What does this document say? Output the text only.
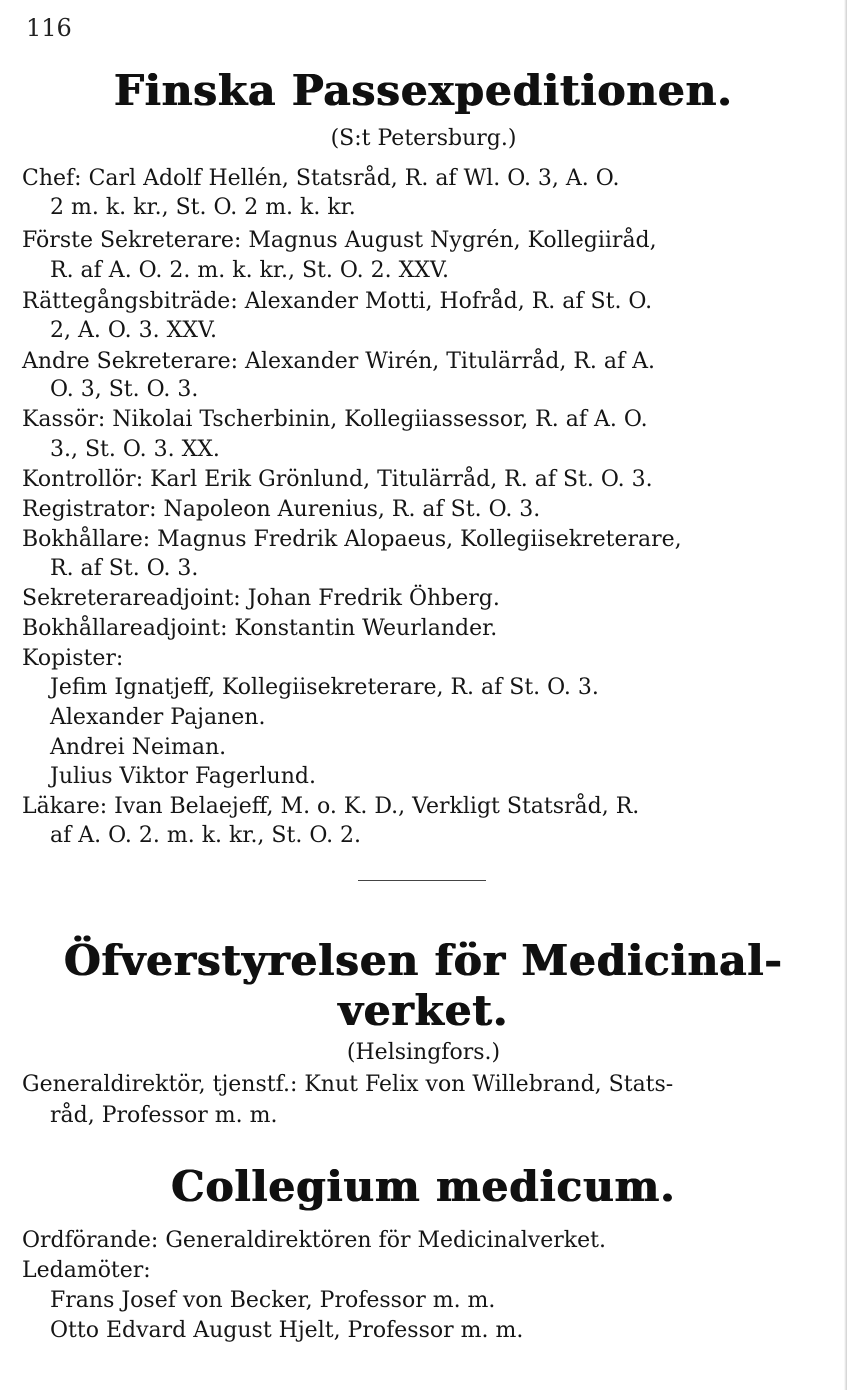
116
Finska Passexpeditionen.
(S:t Petersburg.)
Chef: Carl Adolf Hellén, Statsråd, R. af Wl. O. 3, A. O.
2 m. k. kr., St. O. 2 m. k. kr.
Förste Sekreterare: Magnus August Nygrén, Kollegiiråd,
R. af A. O. 2. m. k. kr., St. O. 2. XXV.
Rättegångsbiträde: Alexander Motti, Hofråd, R. af St. O.
2, A. O. 3. XXV.
Andre Sekreterare: Alexander Wirén, Titulärråd, R. af A.
O. 3, St. O. 3.
Kassör: Nikolai Tscherbinin, Kollegiiassessor, R. af A. O.
3., St. O. 3. XX.
Kontrollör: Karl Erik Grönlund, Titulärråd, R. af St. O. 3.
Registrator: Napoleon Aurenius, R. af St. O. 3.
Bokhållare: Magnus Fredrik Alopaeus, Kollegiisekreterare,
R. af St. O. 3.
Sekreterareadjoint: Johan Fredrik Öhberg.
Bokhållareadjoint: Konstantin Weurlander.
Kopister:
Jefim Ignatjeff, Kollegiisekreterare, R. af St. O. 3.
Alexander Pajanen.
Andrei Neiman.
Julius Viktor Fagerlund.
Läkare: Ivan Belaejeff, M. o. K. D., Verkligt Statsråd, R.
af A. O. 2. m. k. kr., St. O. 2.
Öfverstyrelsen för Medicinal-
verket.
(Helsingfors.)
Generaldirektör, tjenstf.: Knut Felix von Willebrand, Stats-
råd, Professor m. m.
Collegium medicum.
Ordförande: Generaldirektören för Medicinalverket.
Ledamöter:
Frans Josef von Becker, Professor m. m.
Otto Edvard August Hjelt, Professor m. m.
